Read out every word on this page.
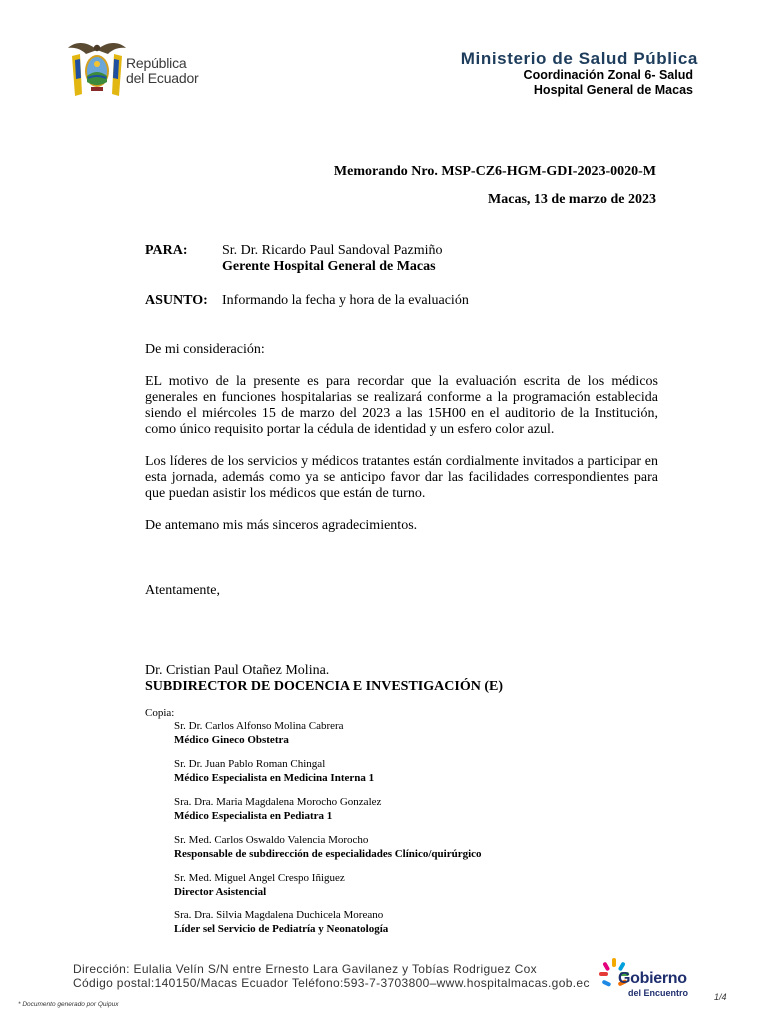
República
del Ecuador
Ministerio de Salud Pública
Coordinación Zonal 6- Salud
Hospital General de Macas
Memorando Nro. MSP-CZ6-HGM-GDI-2023-0020-M
Macas, 13 de marzo de 2023
PARA: Sr. Dr. Ricardo Paul Sandoval Pazmiño
Gerente Hospital General de Macas
ASUNTO: Informando la fecha y hora de la evaluación
De mi consideración:
EL motivo de la presente es para recordar que la evaluación escrita de los médicos generales en funciones hospitalarias se realizará conforme a la programación establecida siendo el miércoles 15 de marzo del 2023 a las 15H00 en el auditorio de la Institución, como único requisito portar la cédula de identidad y un esfero color azul.
Los líderes de los servicios y médicos tratantes están cordialmente invitados a participar en esta jornada, además como ya se anticipo favor dar las facilidades correspondientes para que puedan asistir los médicos que están de turno.
De antemano mis más sinceros agradecimientos.
Atentamente,
Dr. Cristian Paul Otañez Molina.
SUBDIRECTOR DE DOCENCIA E INVESTIGACIÓN (E)
Copia:
Sr. Dr. Carlos Alfonso Molina Cabrera
Médico Gineco Obstetra
Sr. Dr. Juan Pablo Roman Chingal
Médico Especialista en Medicina Interna 1
Sra. Dra. Maria Magdalena Morocho Gonzalez
Médico Especialista en Pediatra 1
Sr. Med. Carlos Oswaldo Valencia Morocho
Responsable de subdirección de especialidades Clínico/quirúrgico
Sr. Med. Miguel Angel Crespo Iñiguez
Director Asistencial
Sra. Dra. Silvia Magdalena Duchicela Moreano
Líder sel Servicio de Pediatría y Neonatología
Dirección: Eulalia Velín S/N entre Ernesto Lara Gavilanez y Tobías Rodriguez Cox
Código postal:140150/Macas Ecuador Teléfono:593-7-3703800–www.hospitalmacas.gob.ec Gobierno
del Encuentro	1/4
* Documento generado por Quipux
